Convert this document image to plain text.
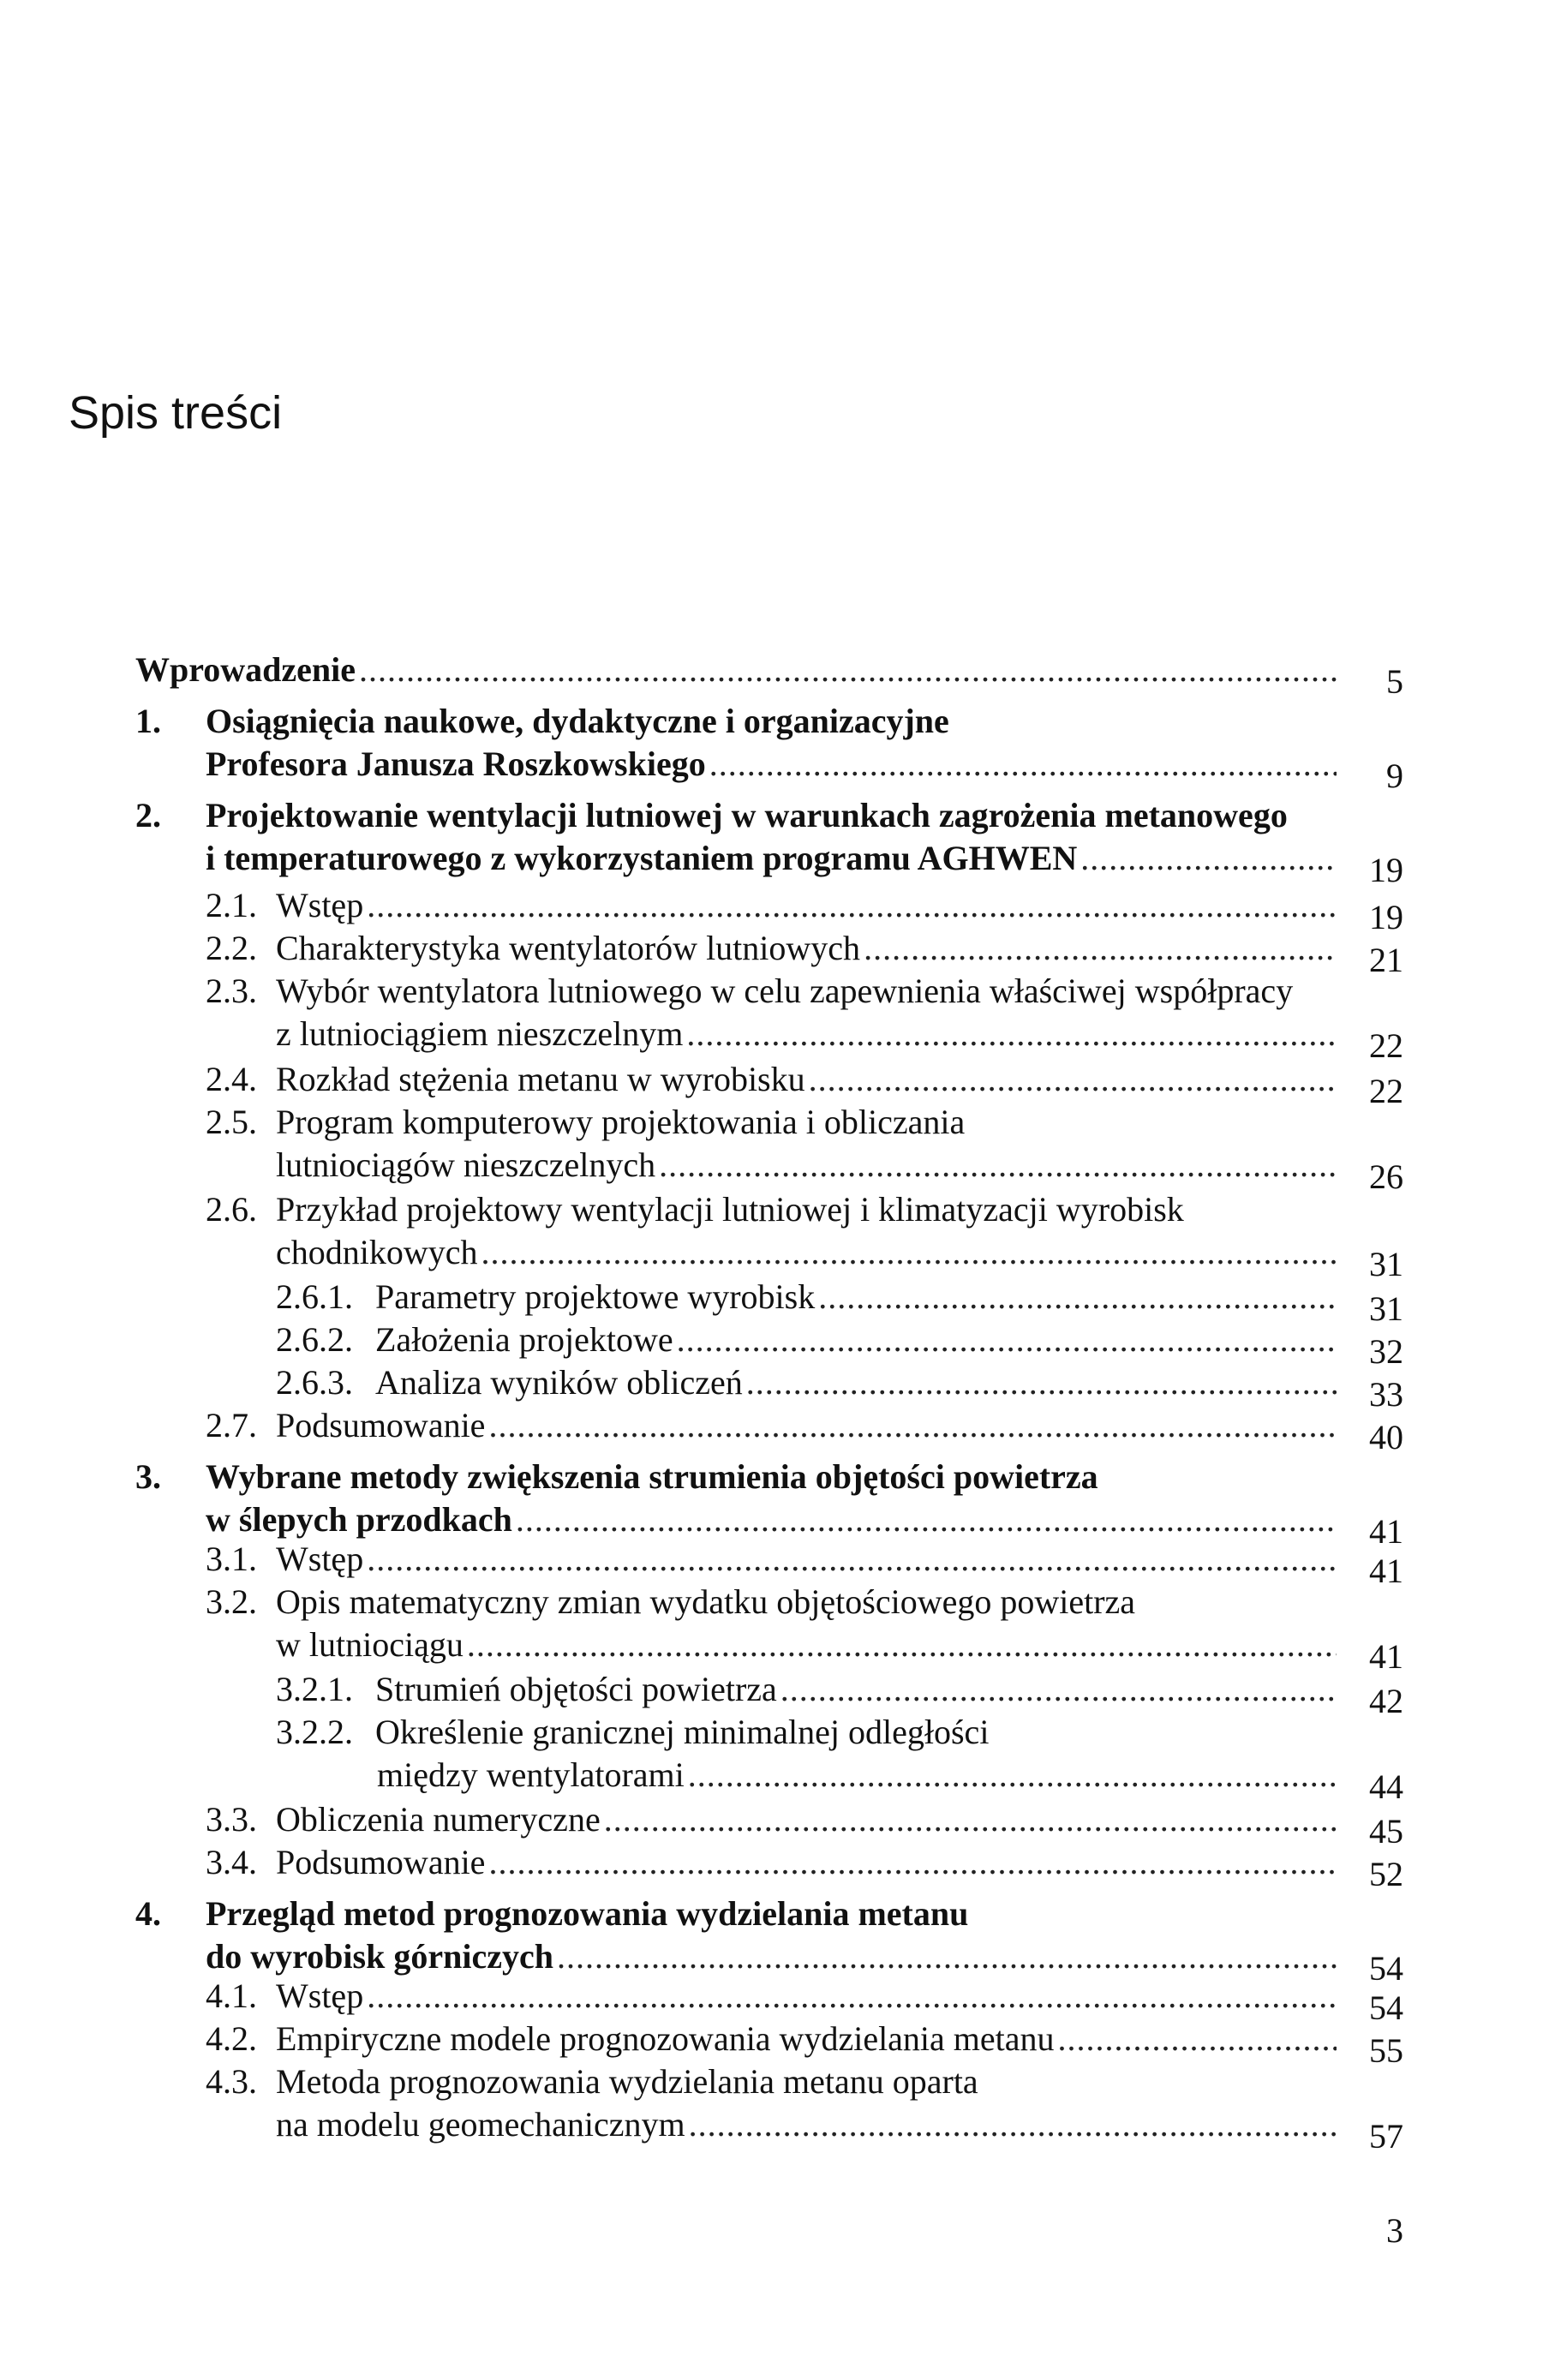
Spis treści
Wprowadzenie .....	5
1. Osiągnięcia naukowe, dydaktyczne i organizacyjne
Profesora Janusza Roszkowskiego .....	9
2. Projektowanie wentylacji lutniowej w warunkach zagrożenia metanowego
i temperaturowego z wykorzystaniem programu AGHWEN .....	19
2.1. Wstęp .....	19
2.2. Charakterystyka wentylatorów lutniowych .....	21
2.3. Wybór wentylatora lutniowego w celu zapewnienia właściwej współpracy
z lutniociągiem nieszczelnym .....	22
2.4. Rozkład stężenia metanu w wyrobisku .....	22
2.5. Program komputerowy projektowania i obliczania
lutniociągów nieszczelnych .....	26
2.6. Przykład projektowy wentylacji lutniowej i klimatyzacji wyrobisk
chodnikowych .....	31
2.6.1. Parametry projektowe wyrobisk .....	31
2.6.2. Założenia projektowe .....	32
2.6.3. Analiza wyników obliczeń .....	33
2.7. Podsumowanie .....	40
3. Wybrane metody zwiększenia strumienia objętości powietrza
w ślepych przodkach .....	41
3.1. Wstęp .....	41
3.2. Opis matematyczny zmian wydatku objętościowego powietrza
w lutniociągu .....	41
3.2.1. Strumień objętości powietrza .....	42
3.2.2. Określenie granicznej minimalnej odległości
między wentylatorami .....	44
3.3. Obliczenia numeryczne .....	45
3.4. Podsumowanie .....	52
4. Przegląd metod prognozowania wydzielania metanu
do wyrobisk górniczych .....	54
4.1. Wstęp .....	54
4.2. Empiryczne modele prognozowania wydzielania metanu .....	55
4.3. Metoda prognozowania wydzielania metanu oparta
na modelu geomechanicznym .....	57
3
